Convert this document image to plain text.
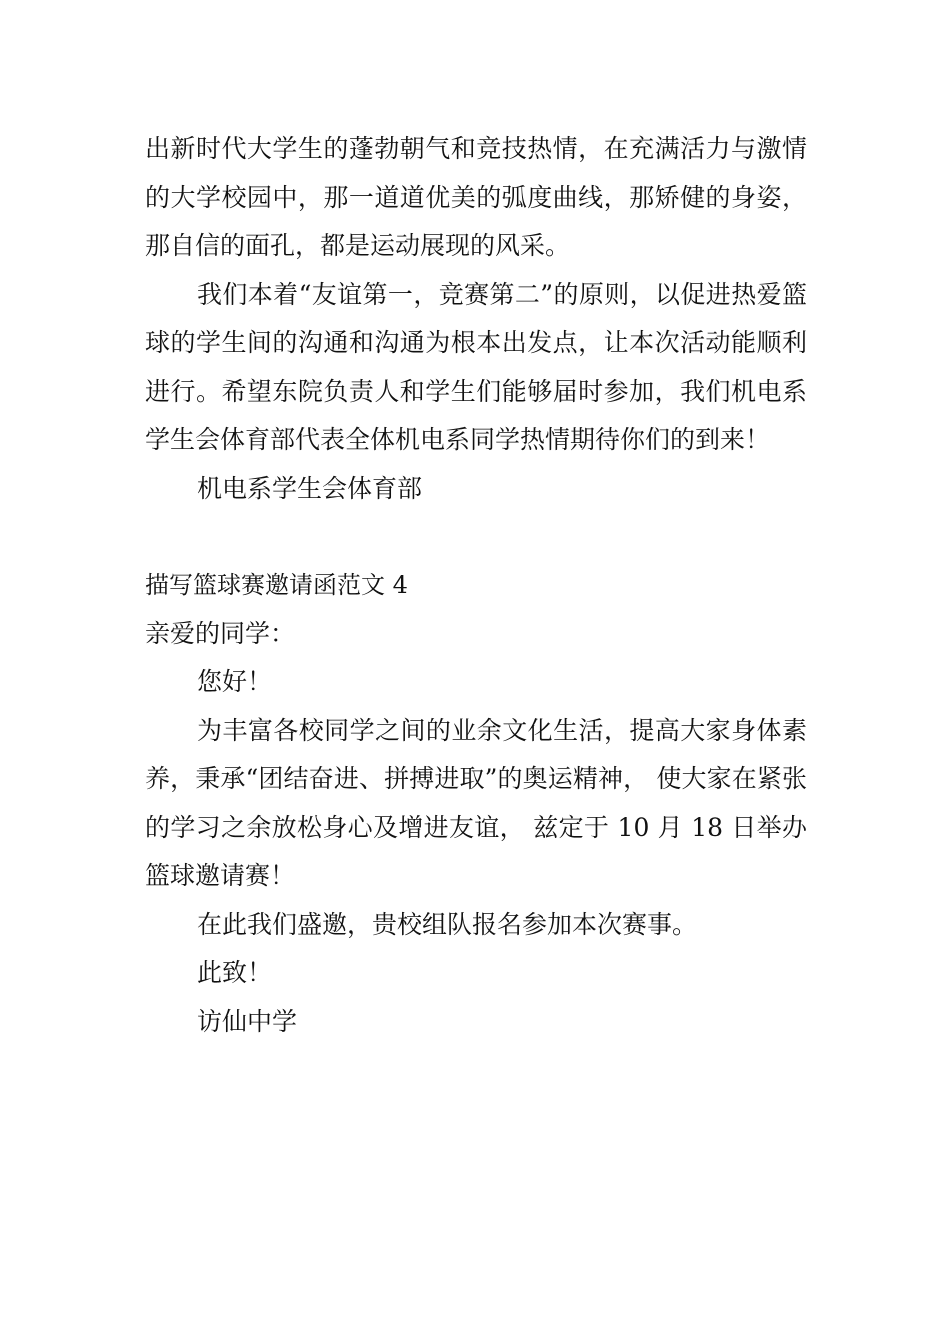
出新时代大学生的蓬勃朝气和竞技热情，在充满活力与激情的大学校园中，那一道道优美的弧度曲线，那矫健的身姿，那自信的面孔，都是运动展现的风采。

我们本着“友谊第一，竞赛第二”的原则，以促进热爱篮球的学生间的沟通和沟通为根本出发点，让本次活动能顺利进行。希望东院负责人和学生们能够届时参加，我们机电系学生会体育部代表全体机电系同学热情期待你们的到来！

机电系学生会体育部

描写篮球赛邀请函范文 4

亲爱的同学：

您好！

为丰富各校同学之间的业余文化生活，提高大家身体素养，秉承“团结奋进、拼搏进取”的奥运精神， 使大家在紧张的学习之余放松身心及增进友谊， 兹定于 10 月 18 日举办篮球邀请赛！

在此我们盛邀，贵校组队报名参加本次赛事。

此致！

访仙中学
